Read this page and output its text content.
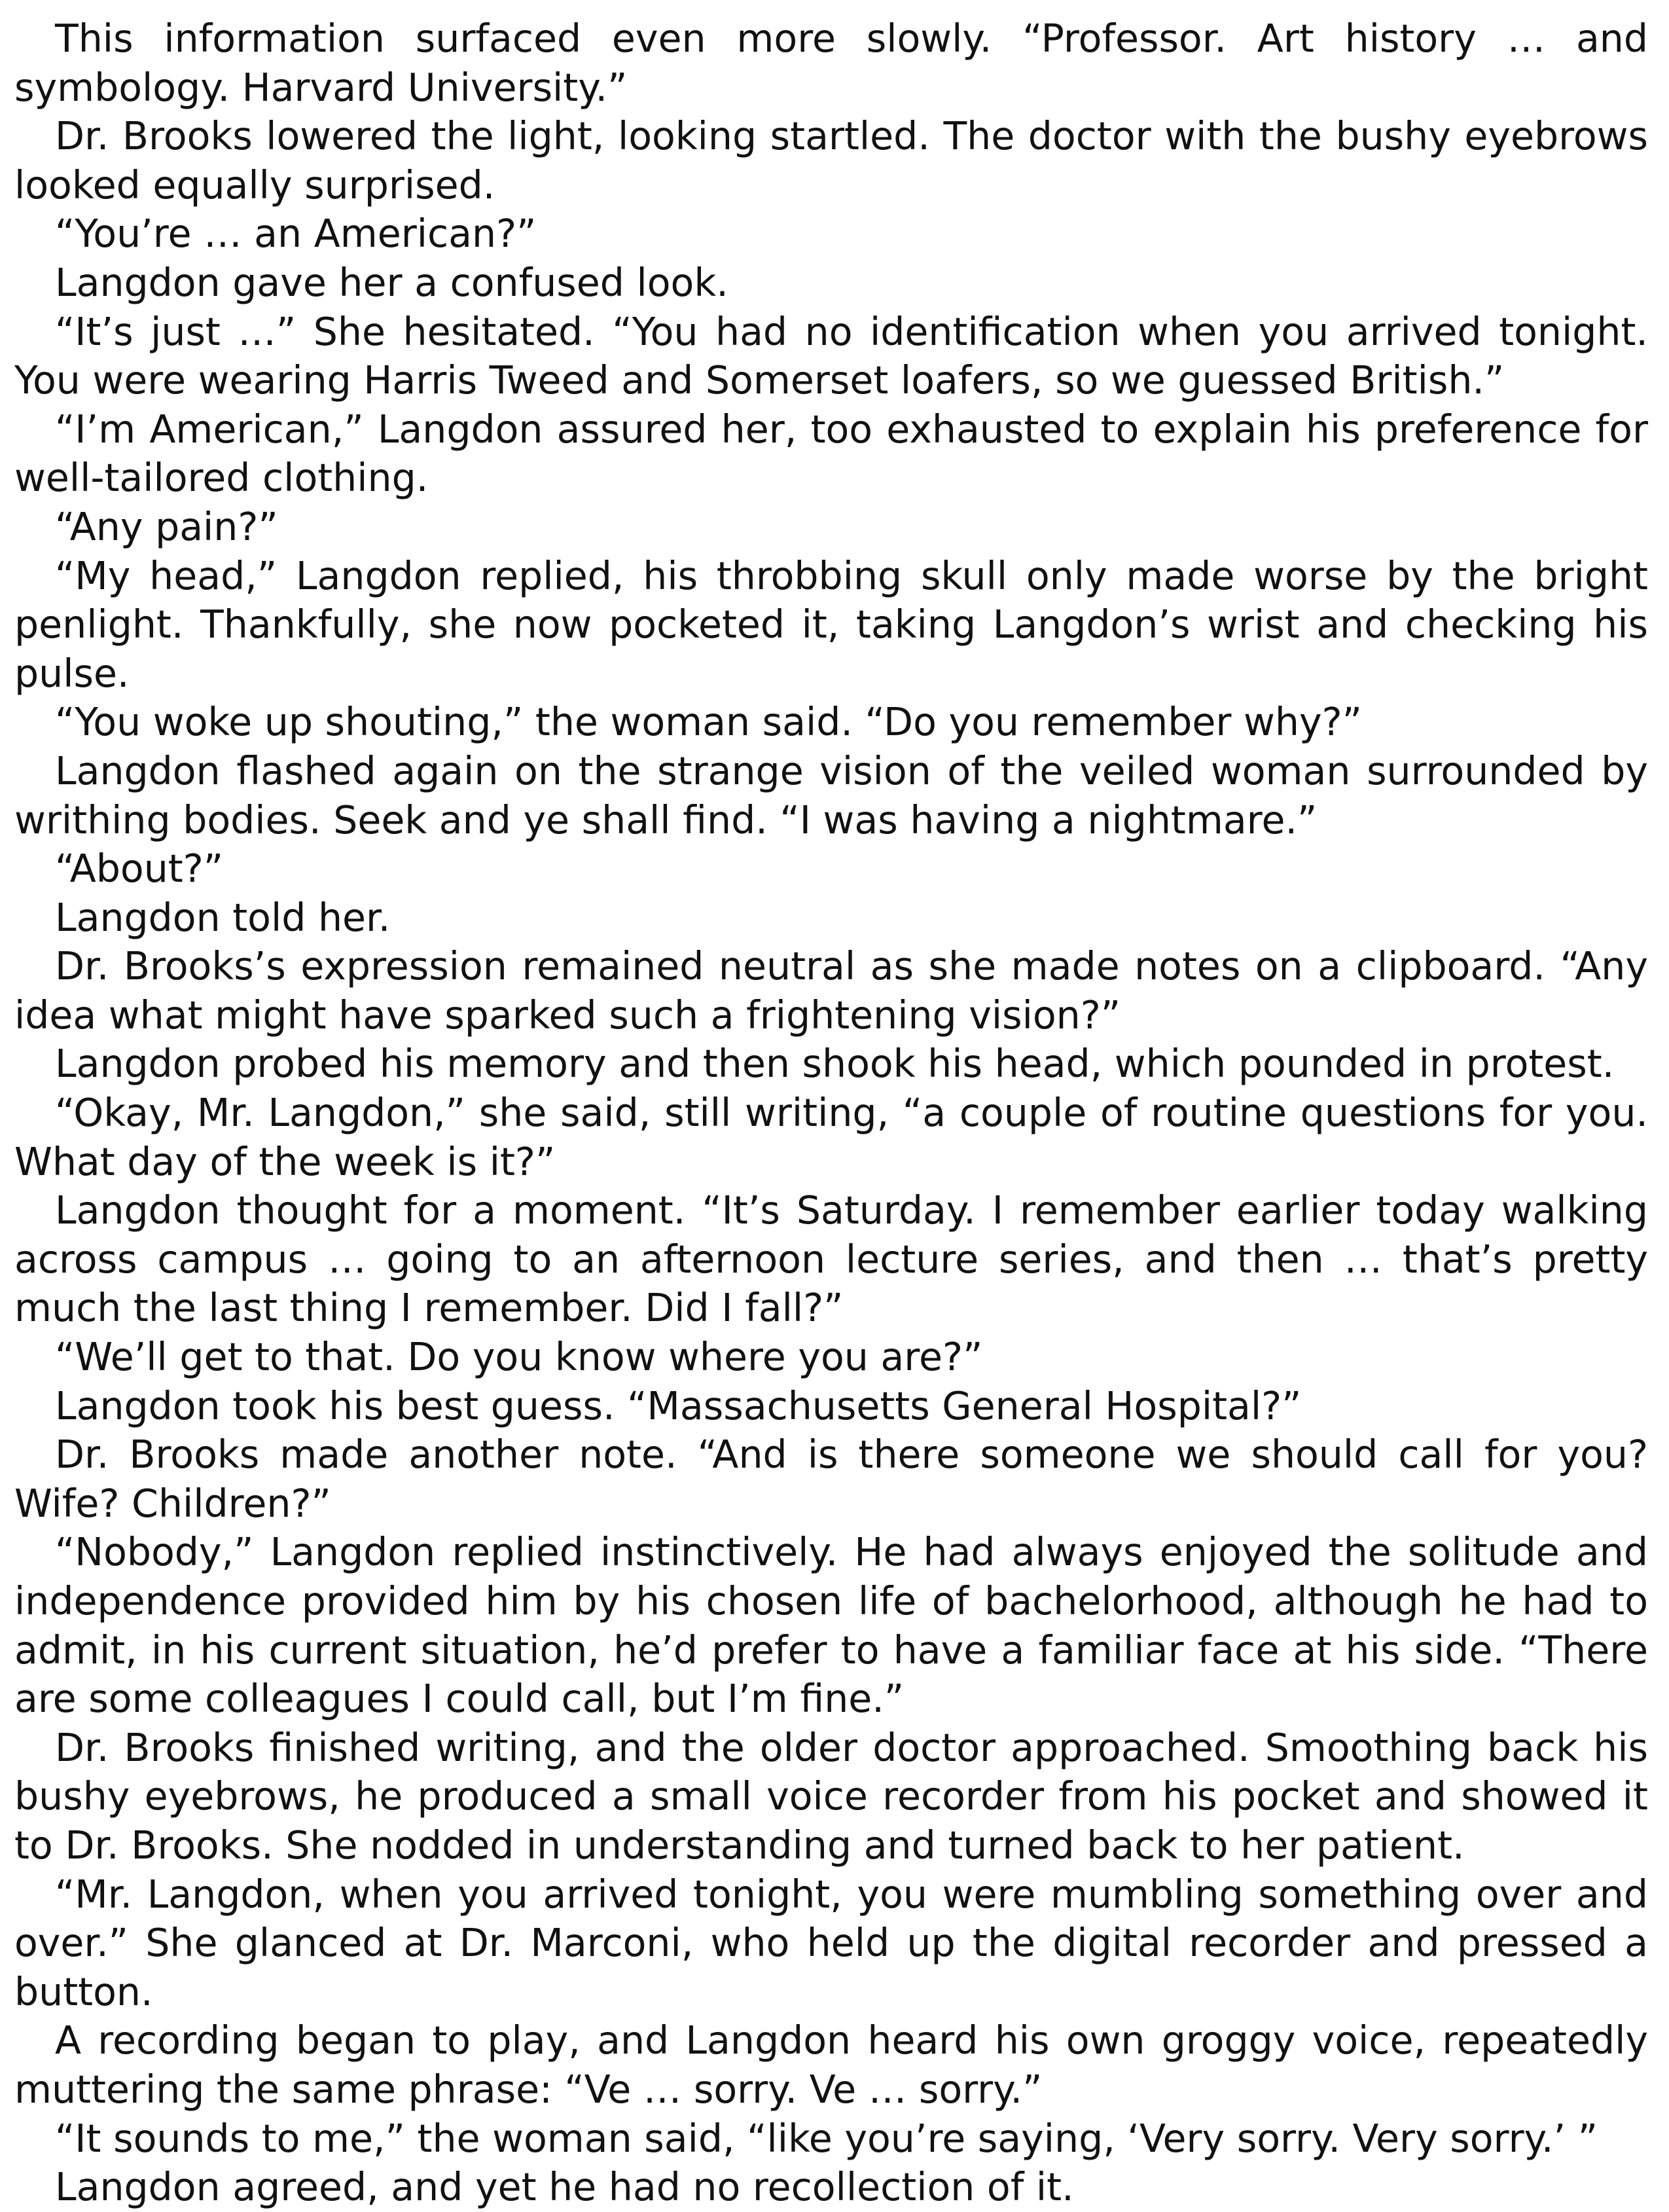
This information surfaced even more slowly. “Professor. Art history … and symbology. Harvard University.”

Dr. Brooks lowered the light, looking startled. The doctor with the bushy eyebrows looked equally surprised.

“You’re … an American?”

Langdon gave her a confused look.

“It’s just …” She hesitated. “You had no identification when you arrived tonight. You were wearing Harris Tweed and Somerset loafers, so we guessed British.”

“I’m American,” Langdon assured her, too exhausted to explain his preference for well-tailored clothing.

“Any pain?”

“My head,” Langdon replied, his throbbing skull only made worse by the bright penlight. Thankfully, she now pocketed it, taking Langdon’s wrist and checking his pulse.

“You woke up shouting,” the woman said. “Do you remember why?”

Langdon flashed again on the strange vision of the veiled woman surrounded by writhing bodies. Seek and ye shall find. “I was having a nightmare.”

“About?”

Langdon told her.

Dr. Brooks’s expression remained neutral as she made notes on a clipboard. “Any idea what might have sparked such a frightening vision?”

Langdon probed his memory and then shook his head, which pounded in protest.

“Okay, Mr. Langdon,” she said, still writing, “a couple of routine questions for you. What day of the week is it?”

Langdon thought for a moment. “It’s Saturday. I remember earlier today walking across campus … going to an afternoon lecture series, and then … that’s pretty much the last thing I remember. Did I fall?”

“We’ll get to that. Do you know where you are?”

Langdon took his best guess. “Massachusetts General Hospital?”

Dr. Brooks made another note. “And is there someone we should call for you? Wife? Children?”

“Nobody,” Langdon replied instinctively. He had always enjoyed the solitude and independence provided him by his chosen life of bachelorhood, although he had to admit, in his current situation, he’d prefer to have a familiar face at his side. “There are some colleagues I could call, but I’m fine.”

Dr. Brooks finished writing, and the older doctor approached. Smoothing back his bushy eyebrows, he produced a small voice recorder from his pocket and showed it to Dr. Brooks. She nodded in understanding and turned back to her patient.

“Mr. Langdon, when you arrived tonight, you were mumbling something over and over.” She glanced at Dr. Marconi, who held up the digital recorder and pressed a button.

A recording began to play, and Langdon heard his own groggy voice, repeatedly muttering the same phrase: “Ve … sorry. Ve … sorry.”

“It sounds to me,” the woman said, “like you’re saying, ‘Very sorry. Very sorry.’ ”

Langdon agreed, and yet he had no recollection of it.
